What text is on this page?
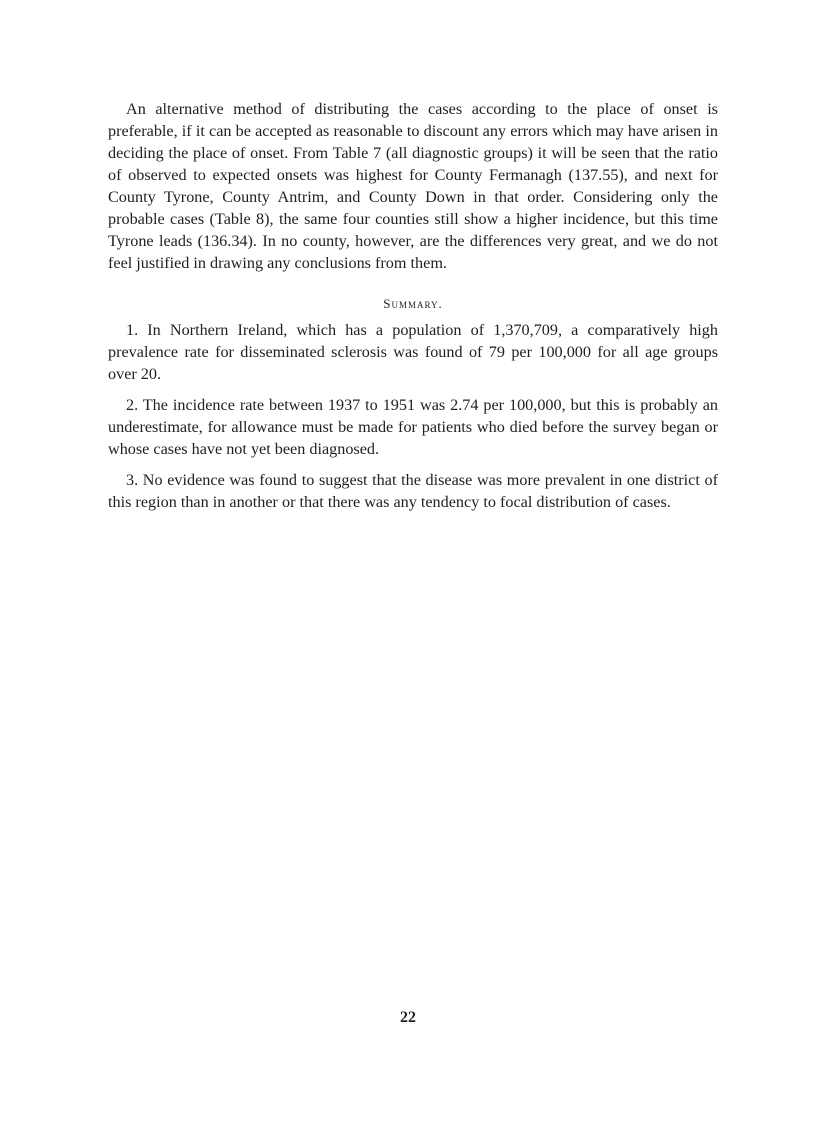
An alternative method of distributing the cases according to the place of onset is preferable, if it can be accepted as reasonable to discount any errors which may have arisen in deciding the place of onset. From Table 7 (all diagnostic groups) it will be seen that the ratio of observed to expected onsets was highest for County Fermanagh (137.55), and next for County Tyrone, County Antrim, and County Down in that order. Considering only the probable cases (Table 8), the same four counties still show a higher incidence, but this time Tyrone leads (136.34). In no county, however, are the differences very great, and we do not feel justified in drawing any conclusions from them.

Summary.

1. In Northern Ireland, which has a population of 1,370,709, a comparatively high prevalence rate for disseminated sclerosis was found of 79 per 100,000 for all age groups over 20.

2. The incidence rate between 1937 to 1951 was 2.74 per 100,000, but this is probably an underestimate, for allowance must be made for patients who died before the survey began or whose cases have not yet been diagnosed.

3. No evidence was found to suggest that the disease was more prevalent in one district of this region than in another or that there was any tendency to focal distribution of cases.

22
